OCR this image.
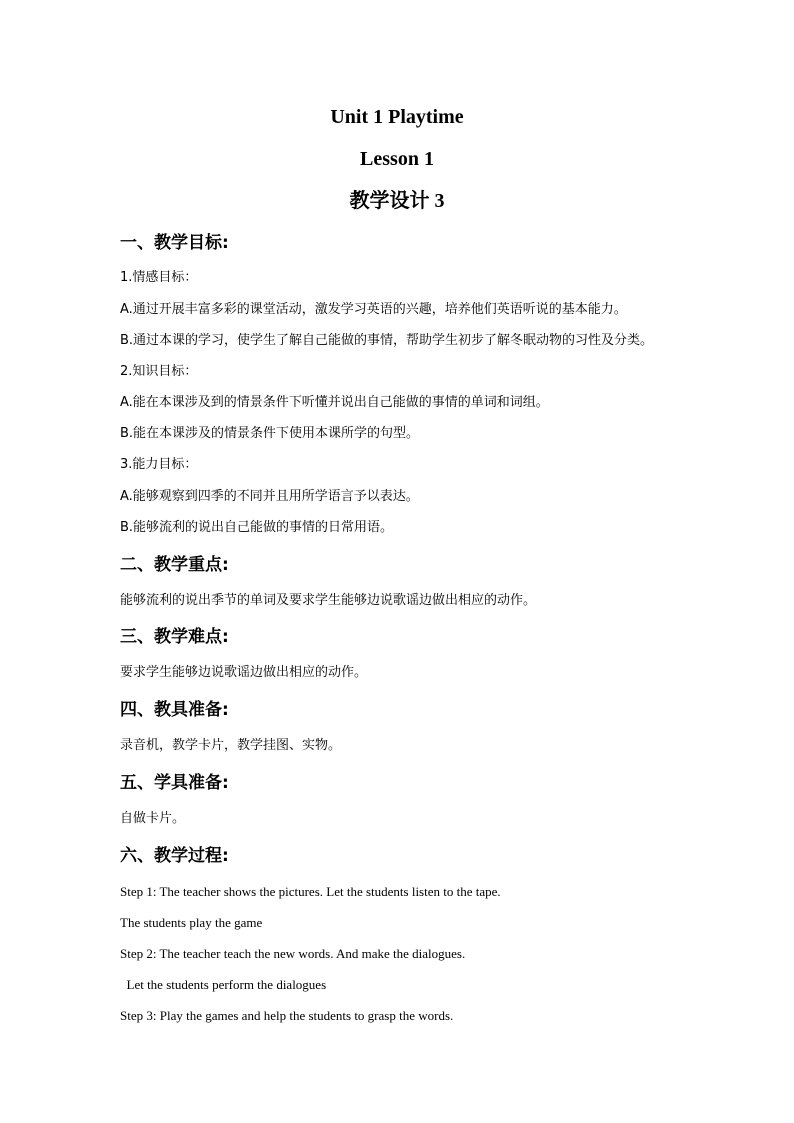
Unit 1 Playtime
Lesson 1
教学设计 3
一、教学目标:
1.情感目标：
A.通过开展丰富多彩的课堂活动，激发学习英语的兴趣，培养他们英语听说的基本能力。
B.通过本课的学习，使学生了解自己能做的事情，帮助学生初步了解冬眠动物的习性及分类。
2.知识目标：
A.能在本课涉及到的情景条件下听懂并说出自己能做的事情的单词和词组。
B.能在本课涉及的情景条件下使用本课所学的句型。
3.能力目标：
A.能够观察到四季的不同并且用所学语言予以表达。
B.能够流利的说出自己能做的事情的日常用语。
二、教学重点:
能够流利的说出季节的单词及要求学生能够边说歌谣边做出相应的动作。
三、教学难点:
要求学生能够边说歌谣边做出相应的动作。
四、教具准备:
录音机，教学卡片，教学挂图、实物。
五、学具准备:
自做卡片。
六、教学过程:
Step 1: The teacher shows the pictures. Let the students listen to the tape.
The students play the game
Step 2: The teacher teach the new words. And make the dialogues.
Let the students perform the dialogues
Step 3: Play the games and help the students to grasp the words.
